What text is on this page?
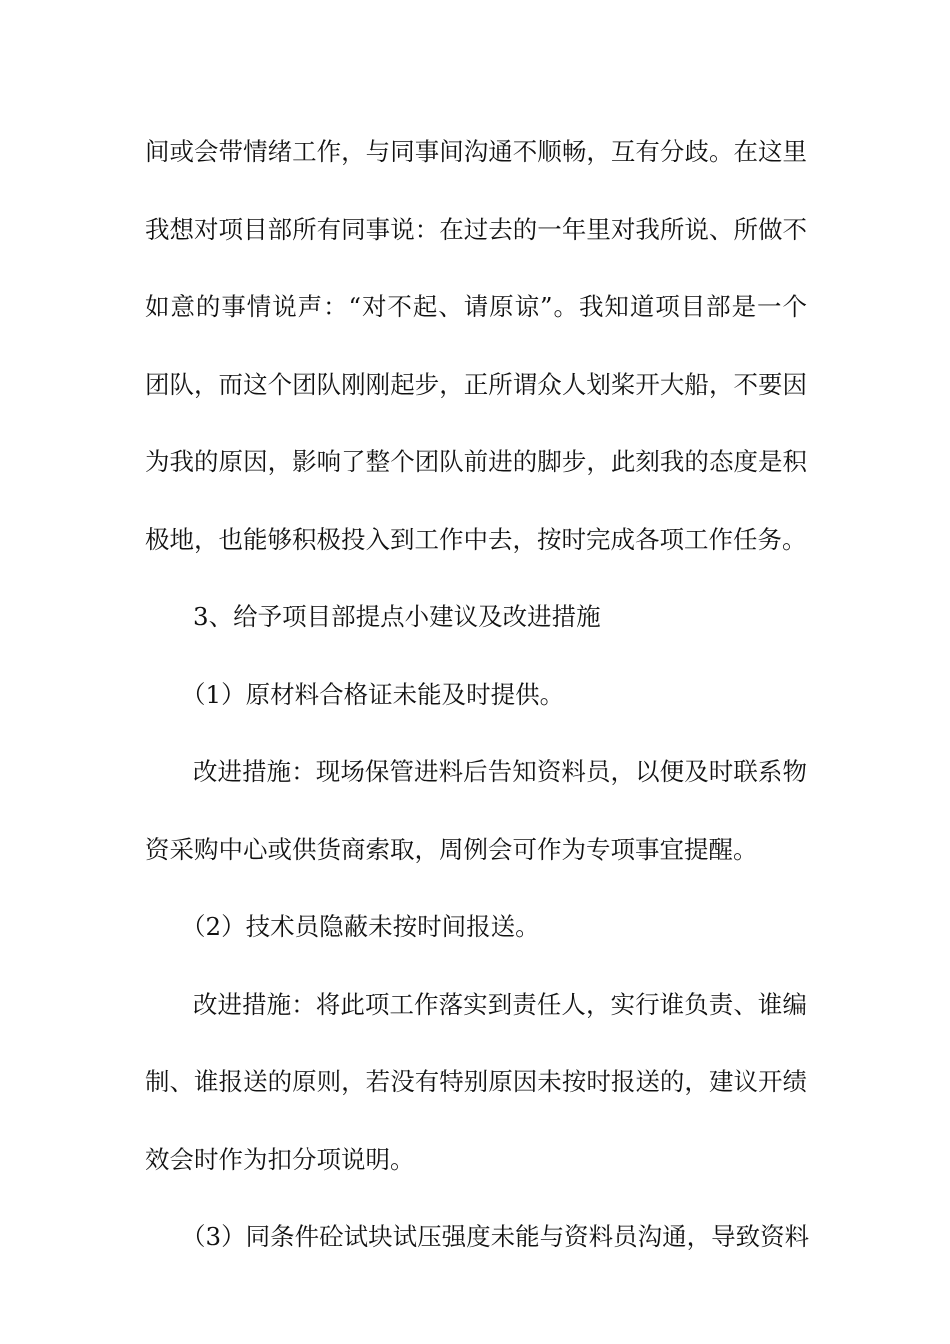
间或会带情绪工作，与同事间沟通不顺畅，互有分歧。在这里
我想对项目部所有同事说：在过去的一年里对我所说、所做不
如意的事情说声：“对不起、请原谅”。我知道项目部是一个
团队，而这个团队刚刚起步，正所谓众人划桨开大船，不要因
为我的原因，影响了整个团队前进的脚步，此刻我的态度是积
极地，也能够积极投入到工作中去，按时完成各项工作任务。
3、给予项目部提点小建议及改进措施
（1）原材料合格证未能及时提供。
改进措施：现场保管进料后告知资料员，以便及时联系物
资采购中心或供货商索取，周例会可作为专项事宜提醒。
（2）技术员隐蔽未按时间报送。
改进措施：将此项工作落实到责任人，实行谁负责、谁编
制、谁报送的原则，若没有特别原因未按时报送的，建议开绩
效会时作为扣分项说明。
（3）同条件砼试块试压强度未能与资料员沟通，导致资料
